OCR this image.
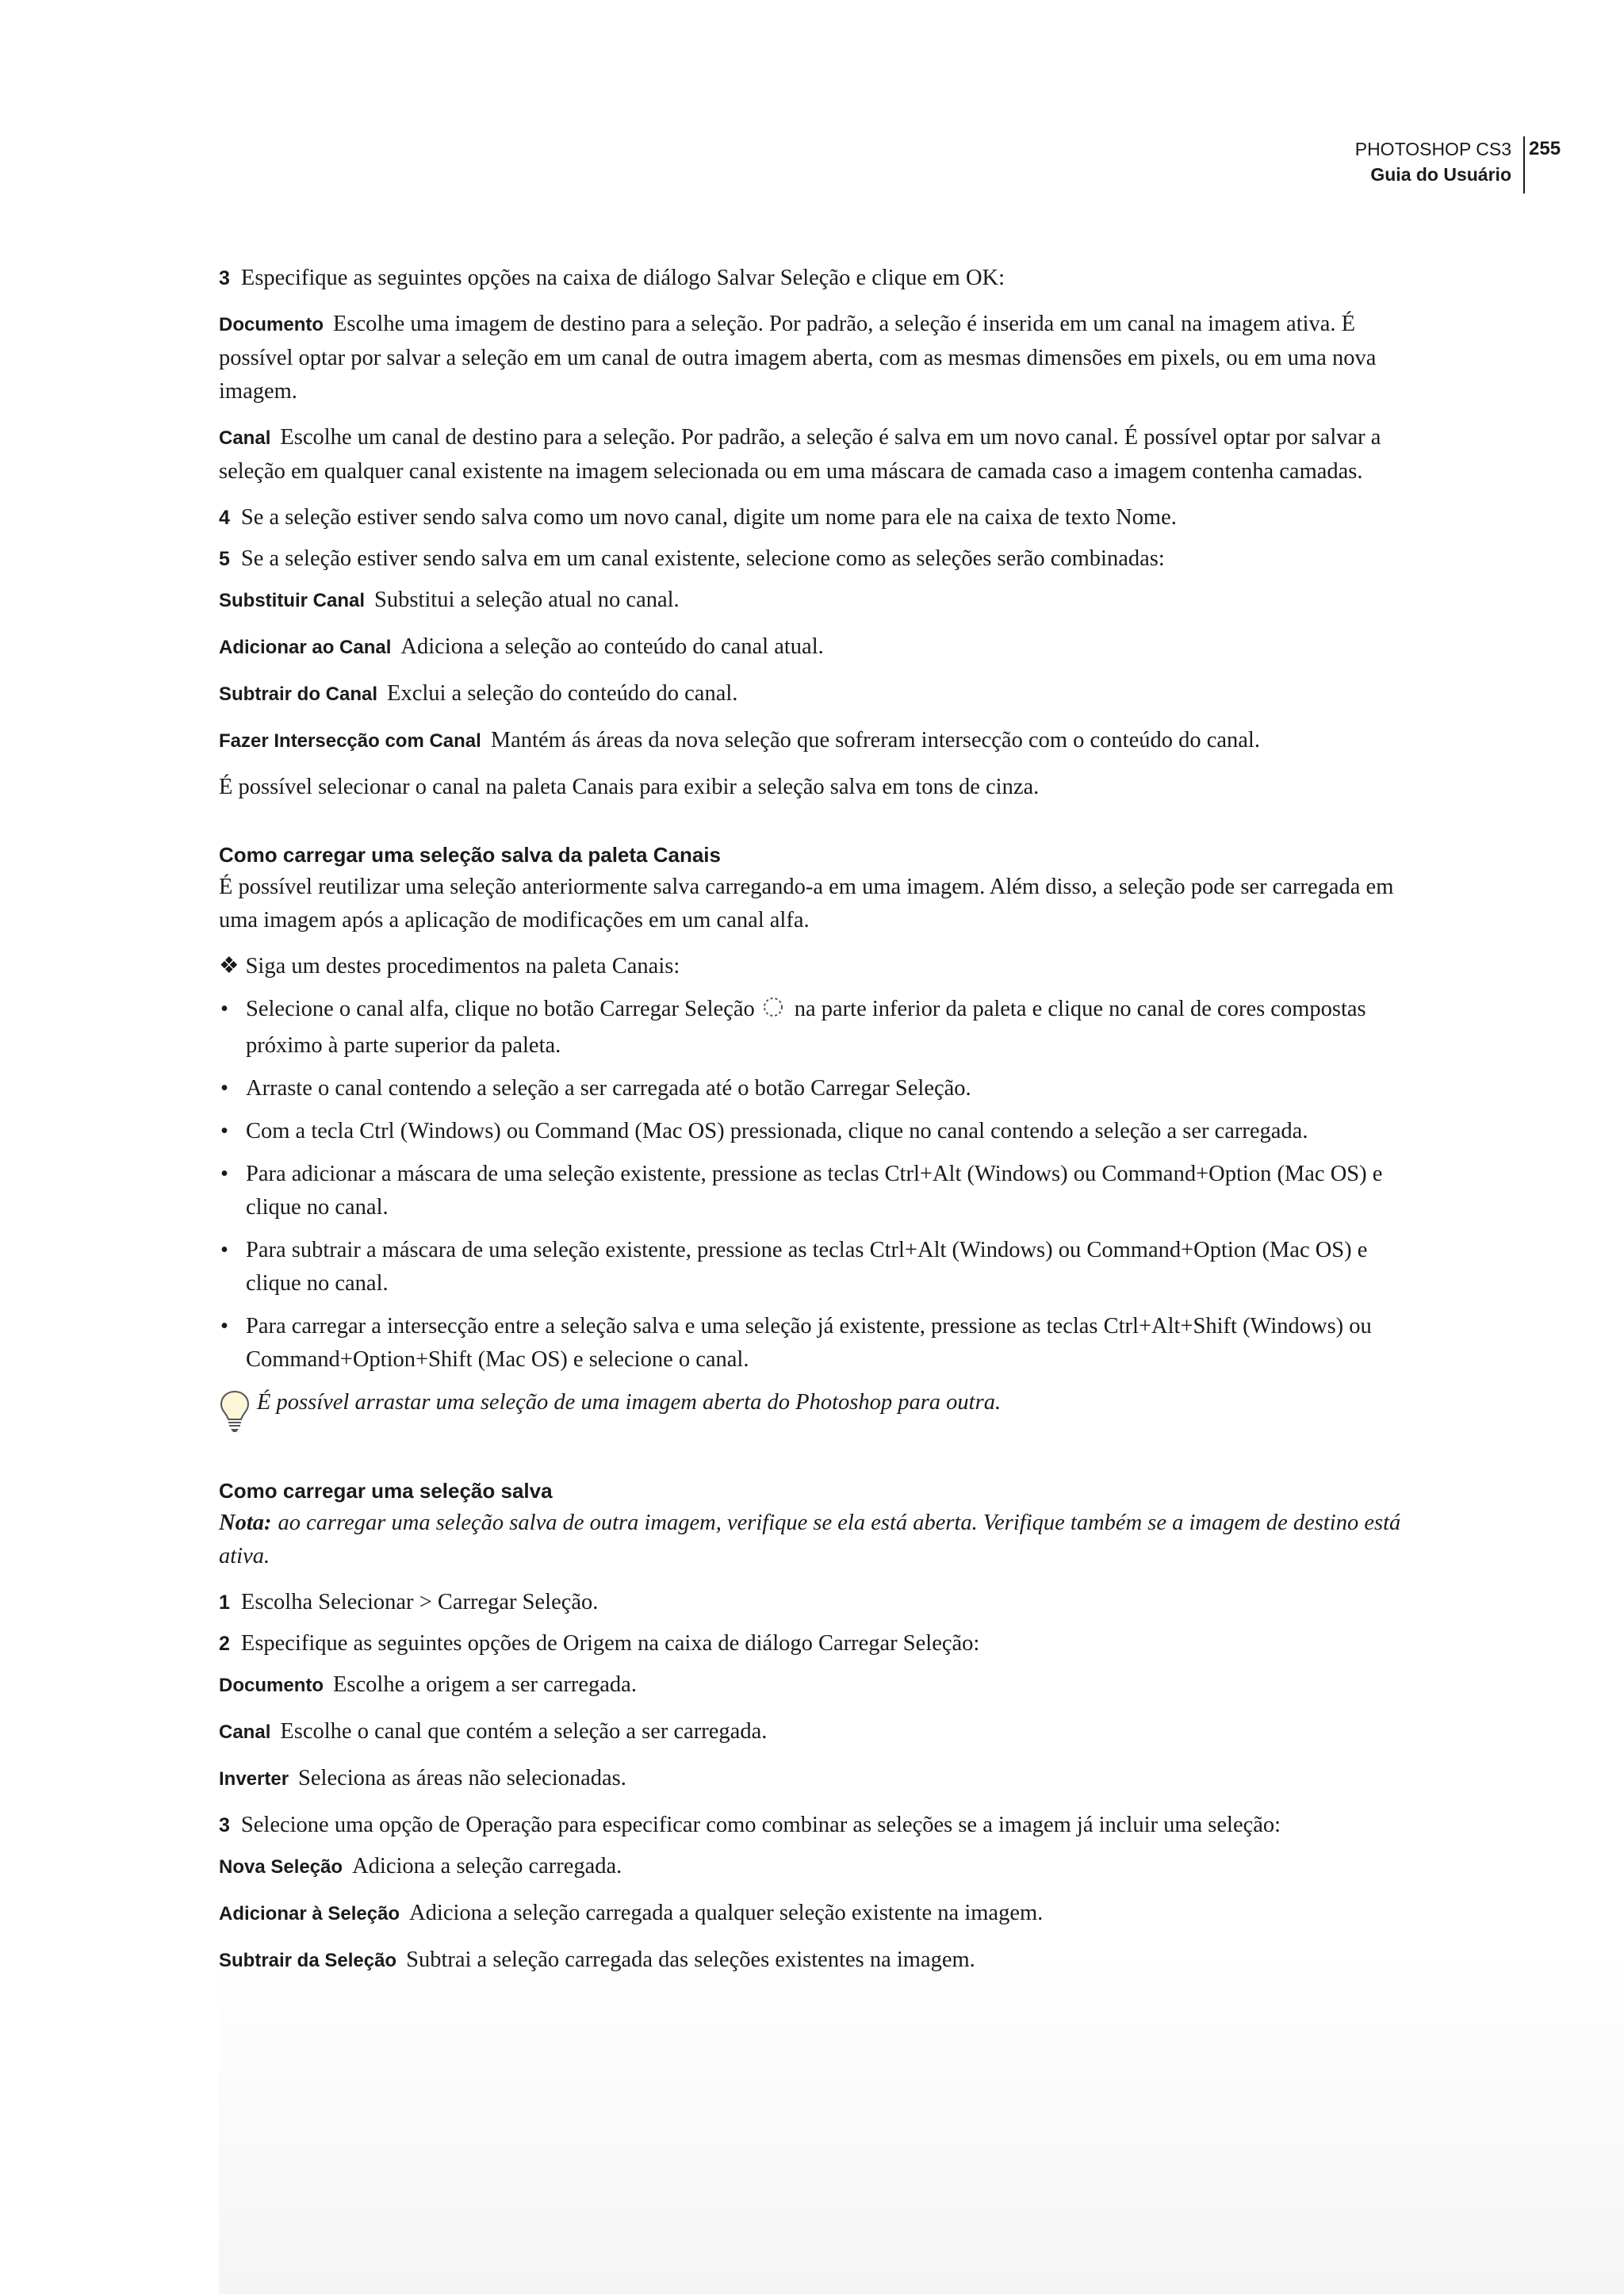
PHOTOSHOP CS3
Guia do Usuário
255

3 Especifique as seguintes opções na caixa de diálogo Salvar Seleção e clique em OK:

Documento Escolhe uma imagem de destino para a seleção. Por padrão, a seleção é inserida em um canal na imagem ativa. É possível optar por salvar a seleção em um canal de outra imagem aberta, com as mesmas dimensões em pixels, ou em uma nova imagem.

Canal Escolhe um canal de destino para a seleção. Por padrão, a seleção é salva em um novo canal. É possível optar por salvar a seleção em qualquer canal existente na imagem selecionada ou em uma máscara de camada caso a imagem contenha camadas.

4 Se a seleção estiver sendo salva como um novo canal, digite um nome para ele na caixa de texto Nome.

5 Se a seleção estiver sendo salva em um canal existente, selecione como as seleções serão combinadas:

Substituir Canal Substitui a seleção atual no canal.

Adicionar ao Canal Adiciona a seleção ao conteúdo do canal atual.

Subtrair do Canal Exclui a seleção do conteúdo do canal.

Fazer Intersecção com Canal Mantém ás áreas da nova seleção que sofreram intersecção com o conteúdo do canal.

É possível selecionar o canal na paleta Canais para exibir a seleção salva em tons de cinza.

Como carregar uma seleção salva da paleta Canais

É possível reutilizar uma seleção anteriormente salva carregando-a em uma imagem. Além disso, a seleção pode ser carregada em uma imagem após a aplicação de modificações em um canal alfa.

❖ Siga um destes procedimentos na paleta Canais:

• Selecione o canal alfa, clique no botão Carregar Seleção na parte inferior da paleta e clique no canal de cores compostas próximo à parte superior da paleta.
• Arraste o canal contendo a seleção a ser carregada até o botão Carregar Seleção.
• Com a tecla Ctrl (Windows) ou Command (Mac OS) pressionada, clique no canal contendo a seleção a ser carregada.
• Para adicionar a máscara de uma seleção existente, pressione as teclas Ctrl+Alt (Windows) ou Command+Option (Mac OS) e clique no canal.
• Para subtrair a máscara de uma seleção existente, pressione as teclas Ctrl+Alt (Windows) ou Command+Option (Mac OS) e clique no canal.
• Para carregar a intersecção entre a seleção salva e uma seleção já existente, pressione as teclas Ctrl+Alt+Shift (Windows) ou Command+Option+Shift (Mac OS) e selecione o canal.
É possível arrastar uma seleção de uma imagem aberta do Photoshop para outra.
Como carregar uma seleção salva

Nota: ao carregar uma seleção salva de outra imagem, verifique se ela está aberta. Verifique também se a imagem de destino está ativa.

1 Escolha Selecionar > Carregar Seleção.

2 Especifique as seguintes opções de Origem na caixa de diálogo Carregar Seleção:

Documento Escolhe a origem a ser carregada.

Canal Escolhe o canal que contém a seleção a ser carregada.

Inverter Seleciona as áreas não selecionadas.

3 Selecione uma opção de Operação para especificar como combinar as seleções se a imagem já incluir uma seleção:

Nova Seleção Adiciona a seleção carregada.

Adicionar à Seleção Adiciona a seleção carregada a qualquer seleção existente na imagem.

Subtrair da Seleção Subtrai a seleção carregada das seleções existentes na imagem.
